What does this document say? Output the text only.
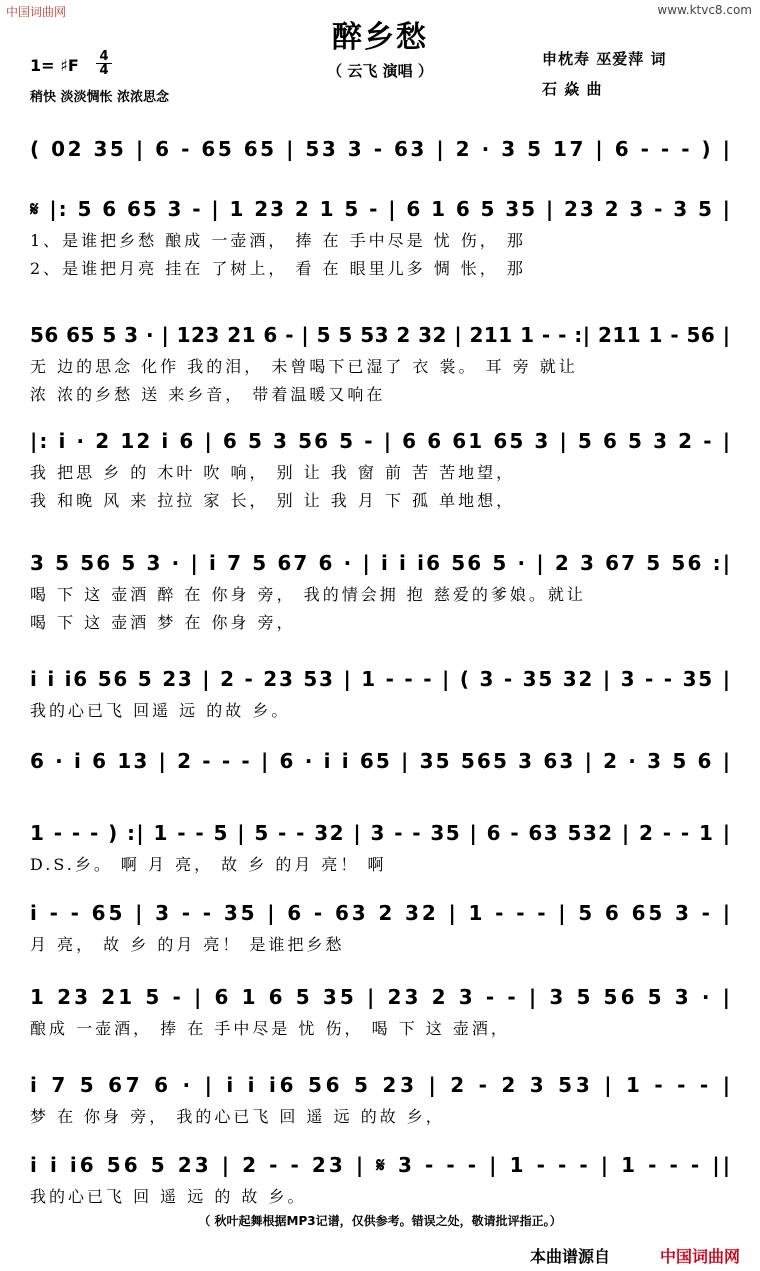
中国词曲网	www.ktvc8.com
醉乡愁
（ 云飞 演唱 ）
申枕寿 巫爱萍 词
石 焱 曲
1= ♯F 4
4
稍快 淡淡惆怅 浓浓思念
( 02 35 | 6 - 65 65 | 53 3 - 63 | 2 · 3 5 17 | 6 - - - ) |
𝄋 |: 5 6 65 3 - | 1 23 2 1 5 - | 6 1 6 5 35 | 23 2 3 - 3 5 |
1、是谁把乡愁 酿成 一壶酒， 捧 在 手中尽是 忧 伤， 那
2、是谁把月亮 挂在 了树上， 看 在 眼里儿多 惆 怅， 那
56 65 5 3 · | 123 21 6 - | 5 5 53 2 32 | 211 1 - - :| 211 1 - 56 |
无 边的思念 化作 我的泪， 未曾喝下已湿了 衣 裳。 耳 旁 就让
浓 浓的乡愁 送 来乡音， 带着温暖又响在
|: i · 2 12 i 6 | 6 5 3 56 5 - | 6 6 61 65 3 | 5 6 5 3 2 - |
我 把思 乡 的 木叶 吹 响， 别 让 我 窗 前 苦 苦地望，
我 和晚 风 来 拉拉 家 长， 别 让 我 月 下 孤 单地想，
3 5 56 5 3 · | i 7 5 67 6 · | i i i6 56 5 · | 2 3 67 5 56 :|
喝 下 这 壶酒 醉 在 你身 旁， 我的情会拥 抱 慈爱的爹娘。就让
喝 下 这 壶酒 梦 在 你身 旁，
i i i6 56 5 23 | 2 - 23 53 | 1 - - - | ( 3 - 35 32 | 3 - - 35 |
我的心已飞 回遥 远 的故 乡。
6 · i 6 13 | 2 - - - | 6 · i i 65 | 35 565 3 63 | 2 · 3 5 6 |
1 - - - ) :| 1 - - 5 | 5 - - 32 | 3 - - 35 | 6 - 63 532 | 2 - - 1 |
D.S.乡。 啊 月 亮， 故 乡 的月 亮！ 啊
i - - 65 | 3 - - 35 | 6 - 63 2 32 | 1 - - - | 5 6 65 3 - |
月 亮， 故 乡 的月 亮！ 是谁把乡愁
1 23 21 5 - | 6 1 6 5 35 | 23 2 3 - - | 3 5 56 5 3 · |
酿成 一壶酒， 捧 在 手中尽是 忧 伤， 喝 下 这 壶酒，
i 7 5 67 6 · | i i i6 56 5 23 | 2 - 2 3 53 | 1 - - - |
梦 在 你身 旁， 我的心已飞 回 遥 远 的故 乡，
i i i6 56 5 23 | 2 - - 23 | 𝄋 3 - - - | 1 - - - | 1 - - - ||
我的心已飞 回 遥 远 的 故 乡。
（ 秋叶起舞根据MP3记谱，仅供参考。错误之处，敬请批评指正。）
本曲谱源自	中国词曲网
